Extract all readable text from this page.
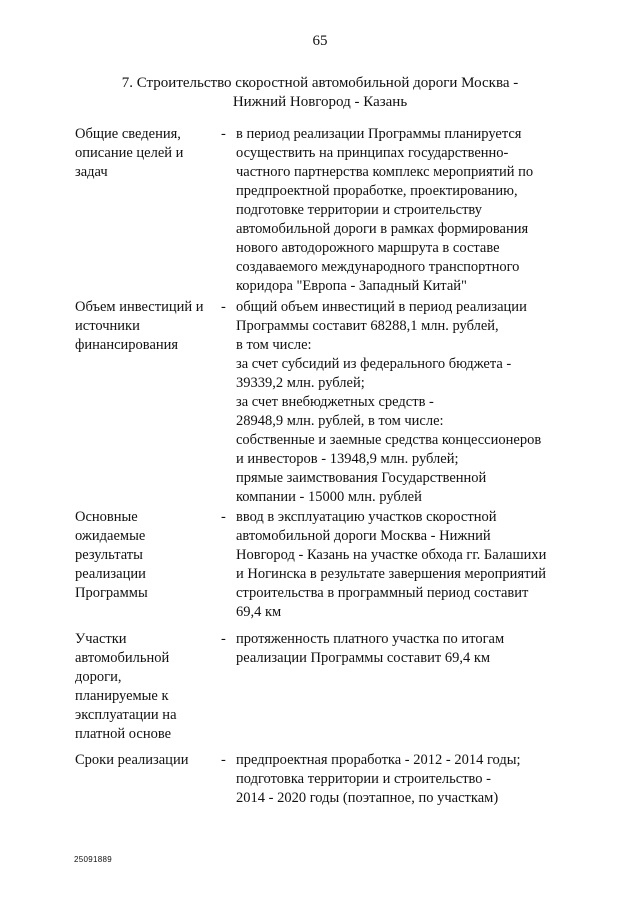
65
7. Строительство скоростной автомобильной дороги Москва -
Нижний Новгород - Казань
Общие сведения,
описание целей и
задач
- в период реализации Программы планируется
осуществить на принципах государственно-
частного партнерства комплекс мероприятий по
предпроектной проработке, проектированию,
подготовке территории и строительству
автомобильной дороги в рамках формирования
нового автодорожного маршрута в составе
создаваемого международного транспортного
коридора "Европа - Западный Китай"
Объем инвестиций и
источники
финансирования
- общий объем инвестиций в период реализации
Программы составит 68288,1 млн. рублей,
в том числе:
за счет субсидий из федерального бюджета -
39339,2 млн. рублей;
за счет внебюджетных средств -
28948,9 млн. рублей, в том числе:
собственные и заемные средства концессионеров
и инвесторов - 13948,9 млн. рублей;
прямые заимствования Государственной
компании - 15000 млн. рублей
Основные
ожидаемые
результаты
реализации
Программы
- ввод в эксплуатацию участков скоростной
автомобильной дороги Москва - Нижний
Новгород - Казань на участке обхода гг. Балашихи
и Ногинска в результате завершения мероприятий
строительства в программный период составит
69,4 км
Участки
автомобильной
дороги,
планируемые к
эксплуатации на
платной основе
- протяженность платного участка по итогам
реализации Программы составит 69,4 км
Сроки реализации	- предпроектная проработка - 2012 - 2014 годы;
подготовка территории и строительство -
2014 - 2020 годы (поэтапное, по участкам)
25091889
